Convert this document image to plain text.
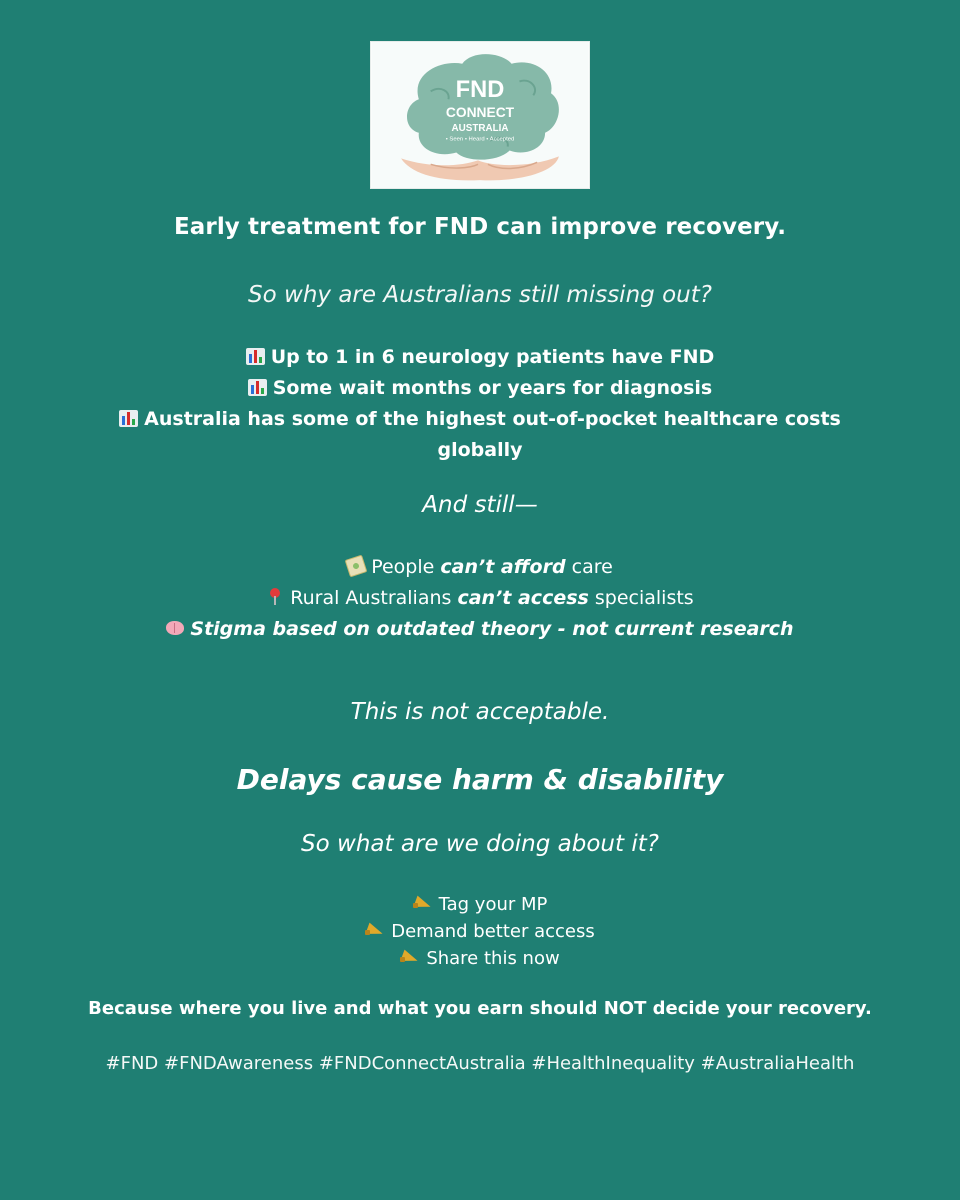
FND
CONNECT
AUSTRALIA
• Seen • Heard • Accepted
Early treatment for FND can improve recovery.
So why are Australians still missing out?
Up to 1 in 6 neurology patients have FND
Some wait months or years for diagnosis
Australia has some of the highest out-of-pocket healthcare costs globally
And still—
People can’t afford care
Rural Australians can’t access specialists
Stigma based on outdated theory - not current research
This is not acceptable.
Delays cause harm & disability
So what are we doing about it?
Tag your MP
Demand better access
Share this now
Because where you live and what you earn should NOT decide your recovery.
#FND #FNDAwareness #FNDConnectAustralia #HealthInequality #AustraliaHealth
